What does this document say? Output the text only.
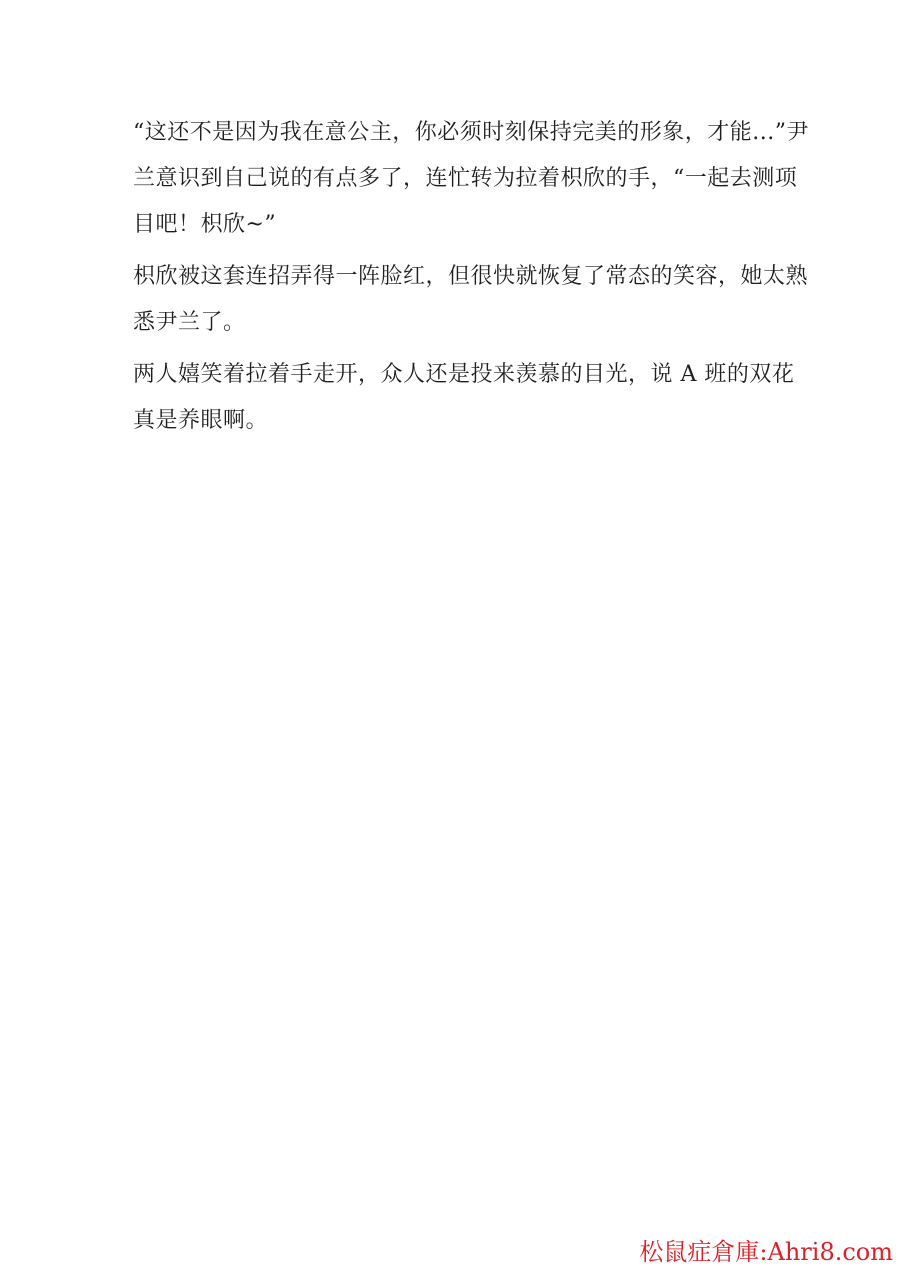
“这还不是因为我在意公主，你必须时刻保持完美的形象，才能...”尹
兰意识到自己说的有点多了，连忙转为拉着枳欣的手，“一起去测项
目吧！枳欣~”
枳欣被这套连招弄得一阵脸红，但很快就恢复了常态的笑容，她太熟
悉尹兰了。
两人嬉笑着拉着手走开，众人还是投来羡慕的目光，说 A 班的双花
真是养眼啊。
松鼠症倉庫:Ahri8.com
